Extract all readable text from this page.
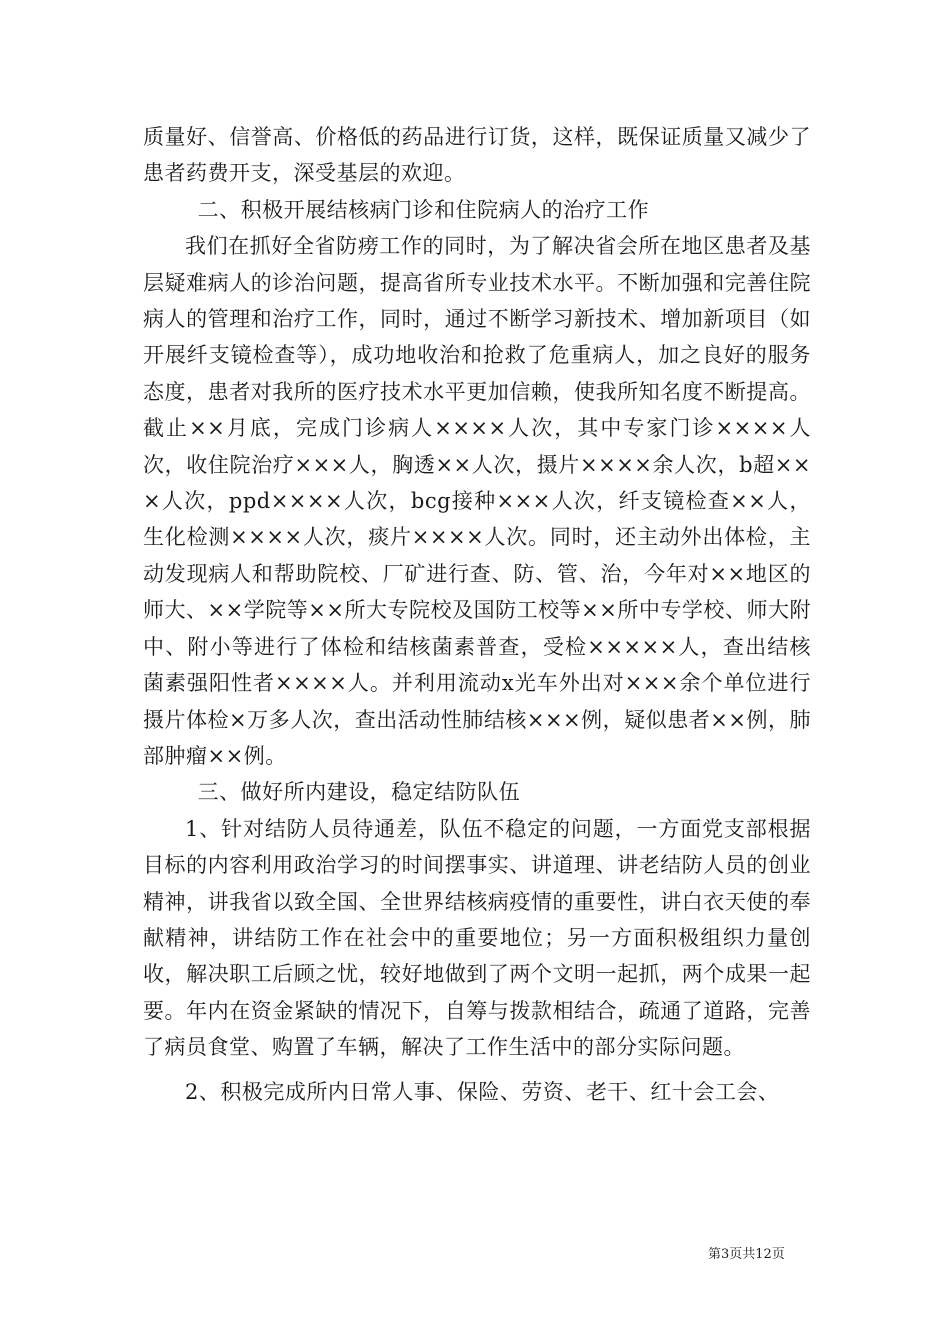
质量好、信誉高、价格低的药品进行订货，这样，既保证质量又减少了患者药费开支，深受基层的欢迎。

二、积极开展结核病门诊和住院病人的治疗工作

我们在抓好全省防痨工作的同时，为了解决省会所在地区患者及基层疑难病人的诊治问题，提高省所专业技术水平。不断加强和完善住院病人的管理和治疗工作，同时，通过不断学习新技术、增加新项目（如开展纤支镜检查等），成功地收治和抢救了危重病人，加之良好的服务态度，患者对我所的医疗技术水平更加信赖，使我所知名度不断提高。截止××月底，完成门诊病人××××人次，其中专家门诊××××人次，收住院治疗×××人，胸透××人次，摄片××××余人次，b超×××人次，ppd××××人次，bcg接种×××人次，纤支镜检查××人，生化检测××××人次，痰片××××人次。同时，还主动外出体检，主动发现病人和帮助院校、厂矿进行查、防、管、治，今年对××地区的师大、××学院等××所大专院校及国防工校等××所中专学校、师大附中、附小等进行了体检和结核菌素普查，受检×××××人，查出结核菌素强阳性者××××人。并利用流动x光车外出对×××余个单位进行摄片体检×万多人次，查出活动性肺结核×××例，疑似患者××例，肺部肿瘤××例。

三、做好所内建设，稳定结防队伍

1、针对结防人员待通差，队伍不稳定的问题，一方面党支部根据目标的内容利用政治学习的时间摆事实、讲道理、讲老结防人员的创业精神，讲我省以致全国、全世界结核病疫情的重要性，讲白衣天使的奉献精神，讲结防工作在社会中的重要地位；另一方面积极组织力量创收，解决职工后顾之忧，较好地做到了两个文明一起抓，两个成果一起要。年内在资金紧缺的情况下，自筹与拨款相结合，疏通了道路，完善了病员食堂、购置了车辆，解决了工作生活中的部分实际问题。

2、积极完成所内日常人事、保险、劳资、老干、红十会工会、

第3页共12页
